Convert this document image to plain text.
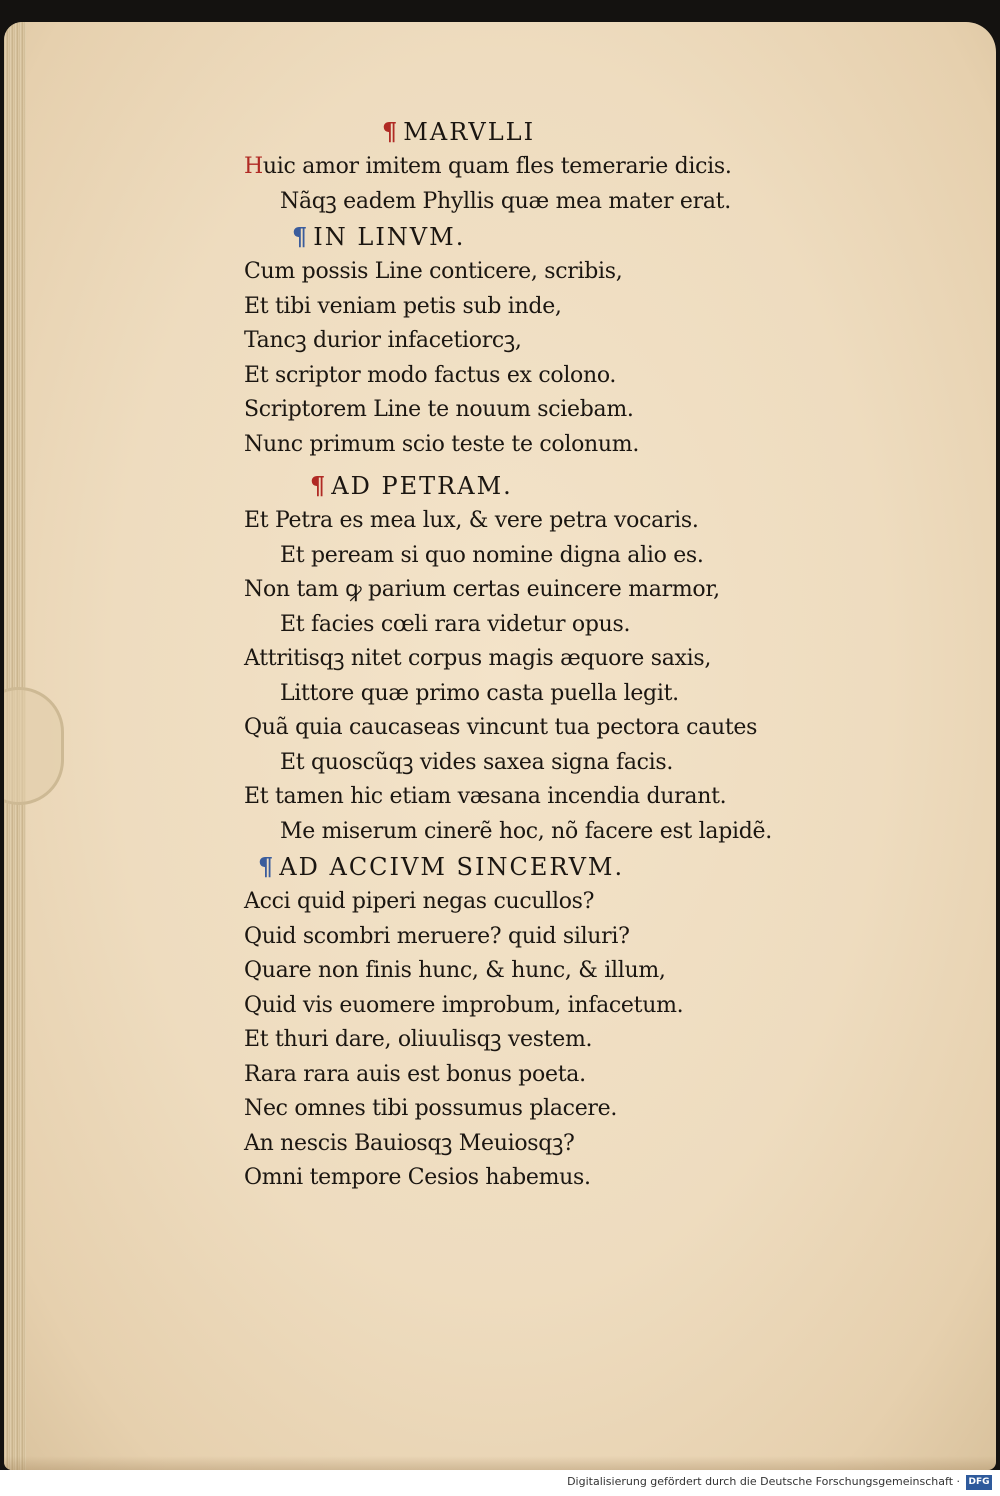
¶ MARVLLI
Huic amor imitem quam fles temerarie dicis.
Nãqꝫ eadem Phyllis quæ mea mater erat.
¶ IN LINVM.
Cum possis Line conticere, scribis,
Et tibi veniam petis sub inde,
Tancꝫ durior infacetiorcꝫ,
Et scriptor modo factus ex colono.
Scriptorem Line te nouum sciebam.
Nunc primum scio teste te colonum.
¶ AD PETRAM.
Et Petra es mea lux, & vere petra vocaris.
Et peream si quo nomine digna alio es.
Non tam ꝙ parium certas euincere marmor,
Et facies cœli rara videtur opus.
Attritisqꝫ nitet corpus magis æquore saxis,
Littore quæ primo casta puella legit.
Quã quia caucaseas vincunt tua pectora cautes
Et quoscũqꝫ vides saxea signa facis.
Et tamen hic etiam væsana incendia durant.
Me miserum cinerẽ hoc, nõ facere est lapidẽ.
¶ AD ACCIVM SINCERVM.
Acci quid piperi negas cucullos?
Quid scombri meruere? quid siluri?
Quare non finis hunc, & hunc, & illum,
Quid vis euomere improbum, infacetum.
Et thuri dare, oliuulisqꝫ vestem.
Rara rara auis est bonus poeta.
Nec omnes tibi possumus placere.
An nescis Bauiosqꝫ Meuiosqꝫ?
Omni tempore Cesios habemus.
Digitalisierung gefördert durch die Deutsche Forschungsgemeinschaft · DFG
